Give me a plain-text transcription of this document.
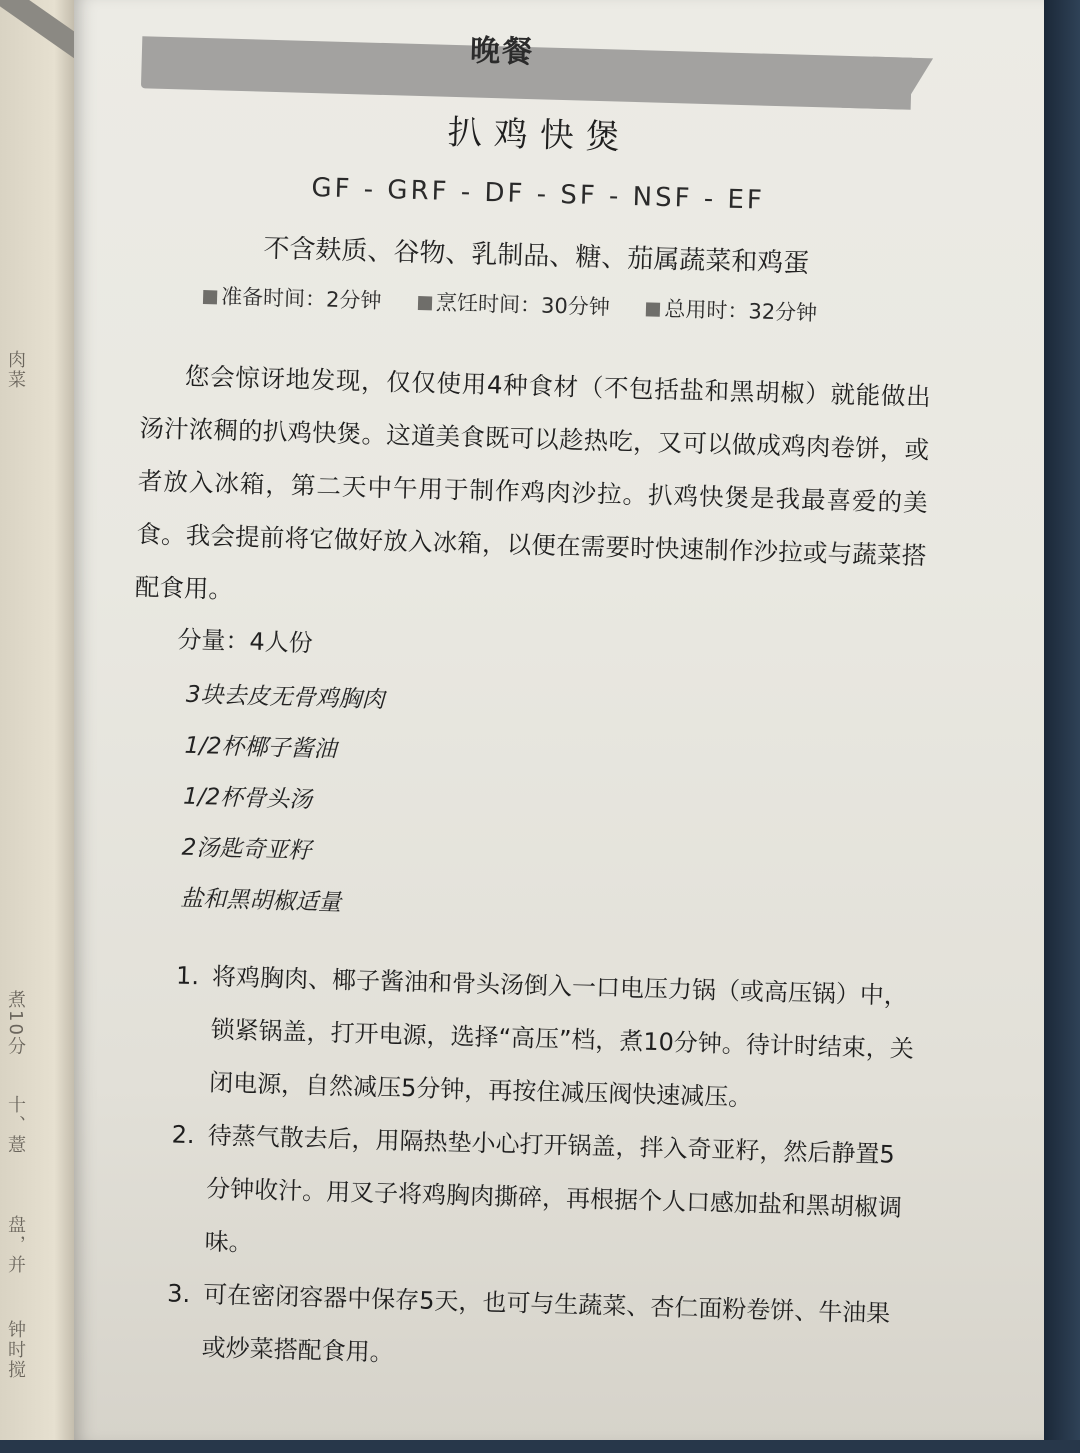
肉菜
煮10分
十、薏
盘，并
钟时搅
晚餐
扒鸡快煲
GF - GRF - DF - SF - NSF - EF
不含麸质、谷物、乳制品、糖、茄属蔬菜和鸡蛋
准备时间：2分钟	烹饪时间：30分钟	总用时：32分钟
您会惊讶地发现，仅仅使用4种食材（不包括盐和黑胡椒）就能做出汤汁浓稠的扒鸡快煲。这道美食既可以趁热吃，又可以做成鸡肉卷饼，或者放入冰箱，第二天中午用于制作鸡肉沙拉。扒鸡快煲是我最喜爱的美食。我会提前将它做好放入冰箱，以便在需要时快速制作沙拉或与蔬菜搭配食用。
分量：4人份
3块去皮无骨鸡胸肉
1/2杯椰子酱油
1/2杯骨头汤
2汤匙奇亚籽
盐和黑胡椒适量
1. 将鸡胸肉、椰子酱油和骨头汤倒入一口电压力锅（或高压锅）中，锁紧锅盖，打开电源，选择“高压”档，煮10分钟。待计时结束，关闭电源，自然减压5分钟，再按住减压阀快速减压。
2. 待蒸气散去后，用隔热垫小心打开锅盖，拌入奇亚籽，然后静置5分钟收汁。用叉子将鸡胸肉撕碎，再根据个人口感加盐和黑胡椒调味。
3. 可在密闭容器中保存5天，也可与生蔬菜、杏仁面粉卷饼、牛油果或炒菜搭配食用。
